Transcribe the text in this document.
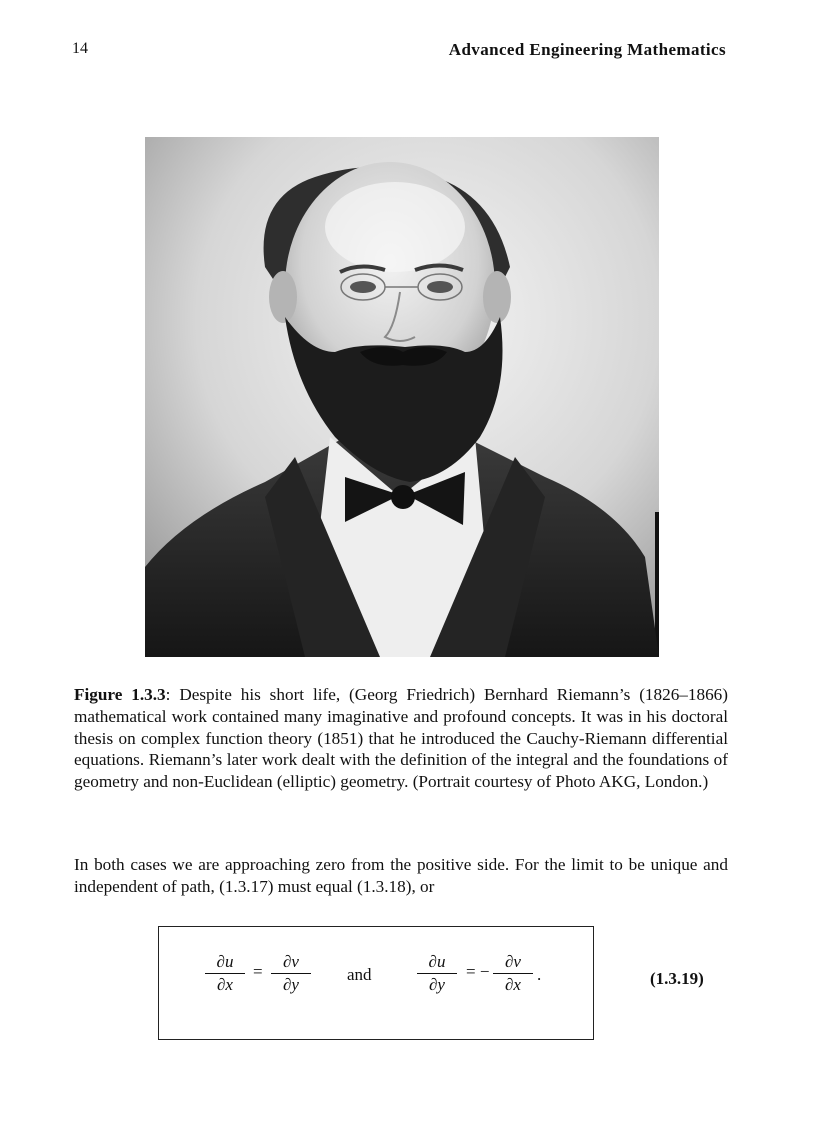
14	Advanced Engineering Mathematics
Figure 1.3.3: Despite his short life, (Georg Friedrich) Bernhard Riemann’s (1826–1866) mathematical work contained many imaginative and profound concepts. It was in his doctoral thesis on complex function theory (1851) that he introduced the Cauchy-Riemann differential equations. Riemann’s later work dealt with the definition of the integral and the foundations of geometry and non-Euclidean (elliptic) geometry. (Portrait courtesy of Photo AKG, London.)
In both cases we are approaching zero from the positive side. For the limit to be unique and independent of path, (1.3.17) must equal (1.3.18), or
∂u
∂x
=
∂v
∂y
and
∂u
∂y
= −
∂v
∂x
.	(1.3.19)
